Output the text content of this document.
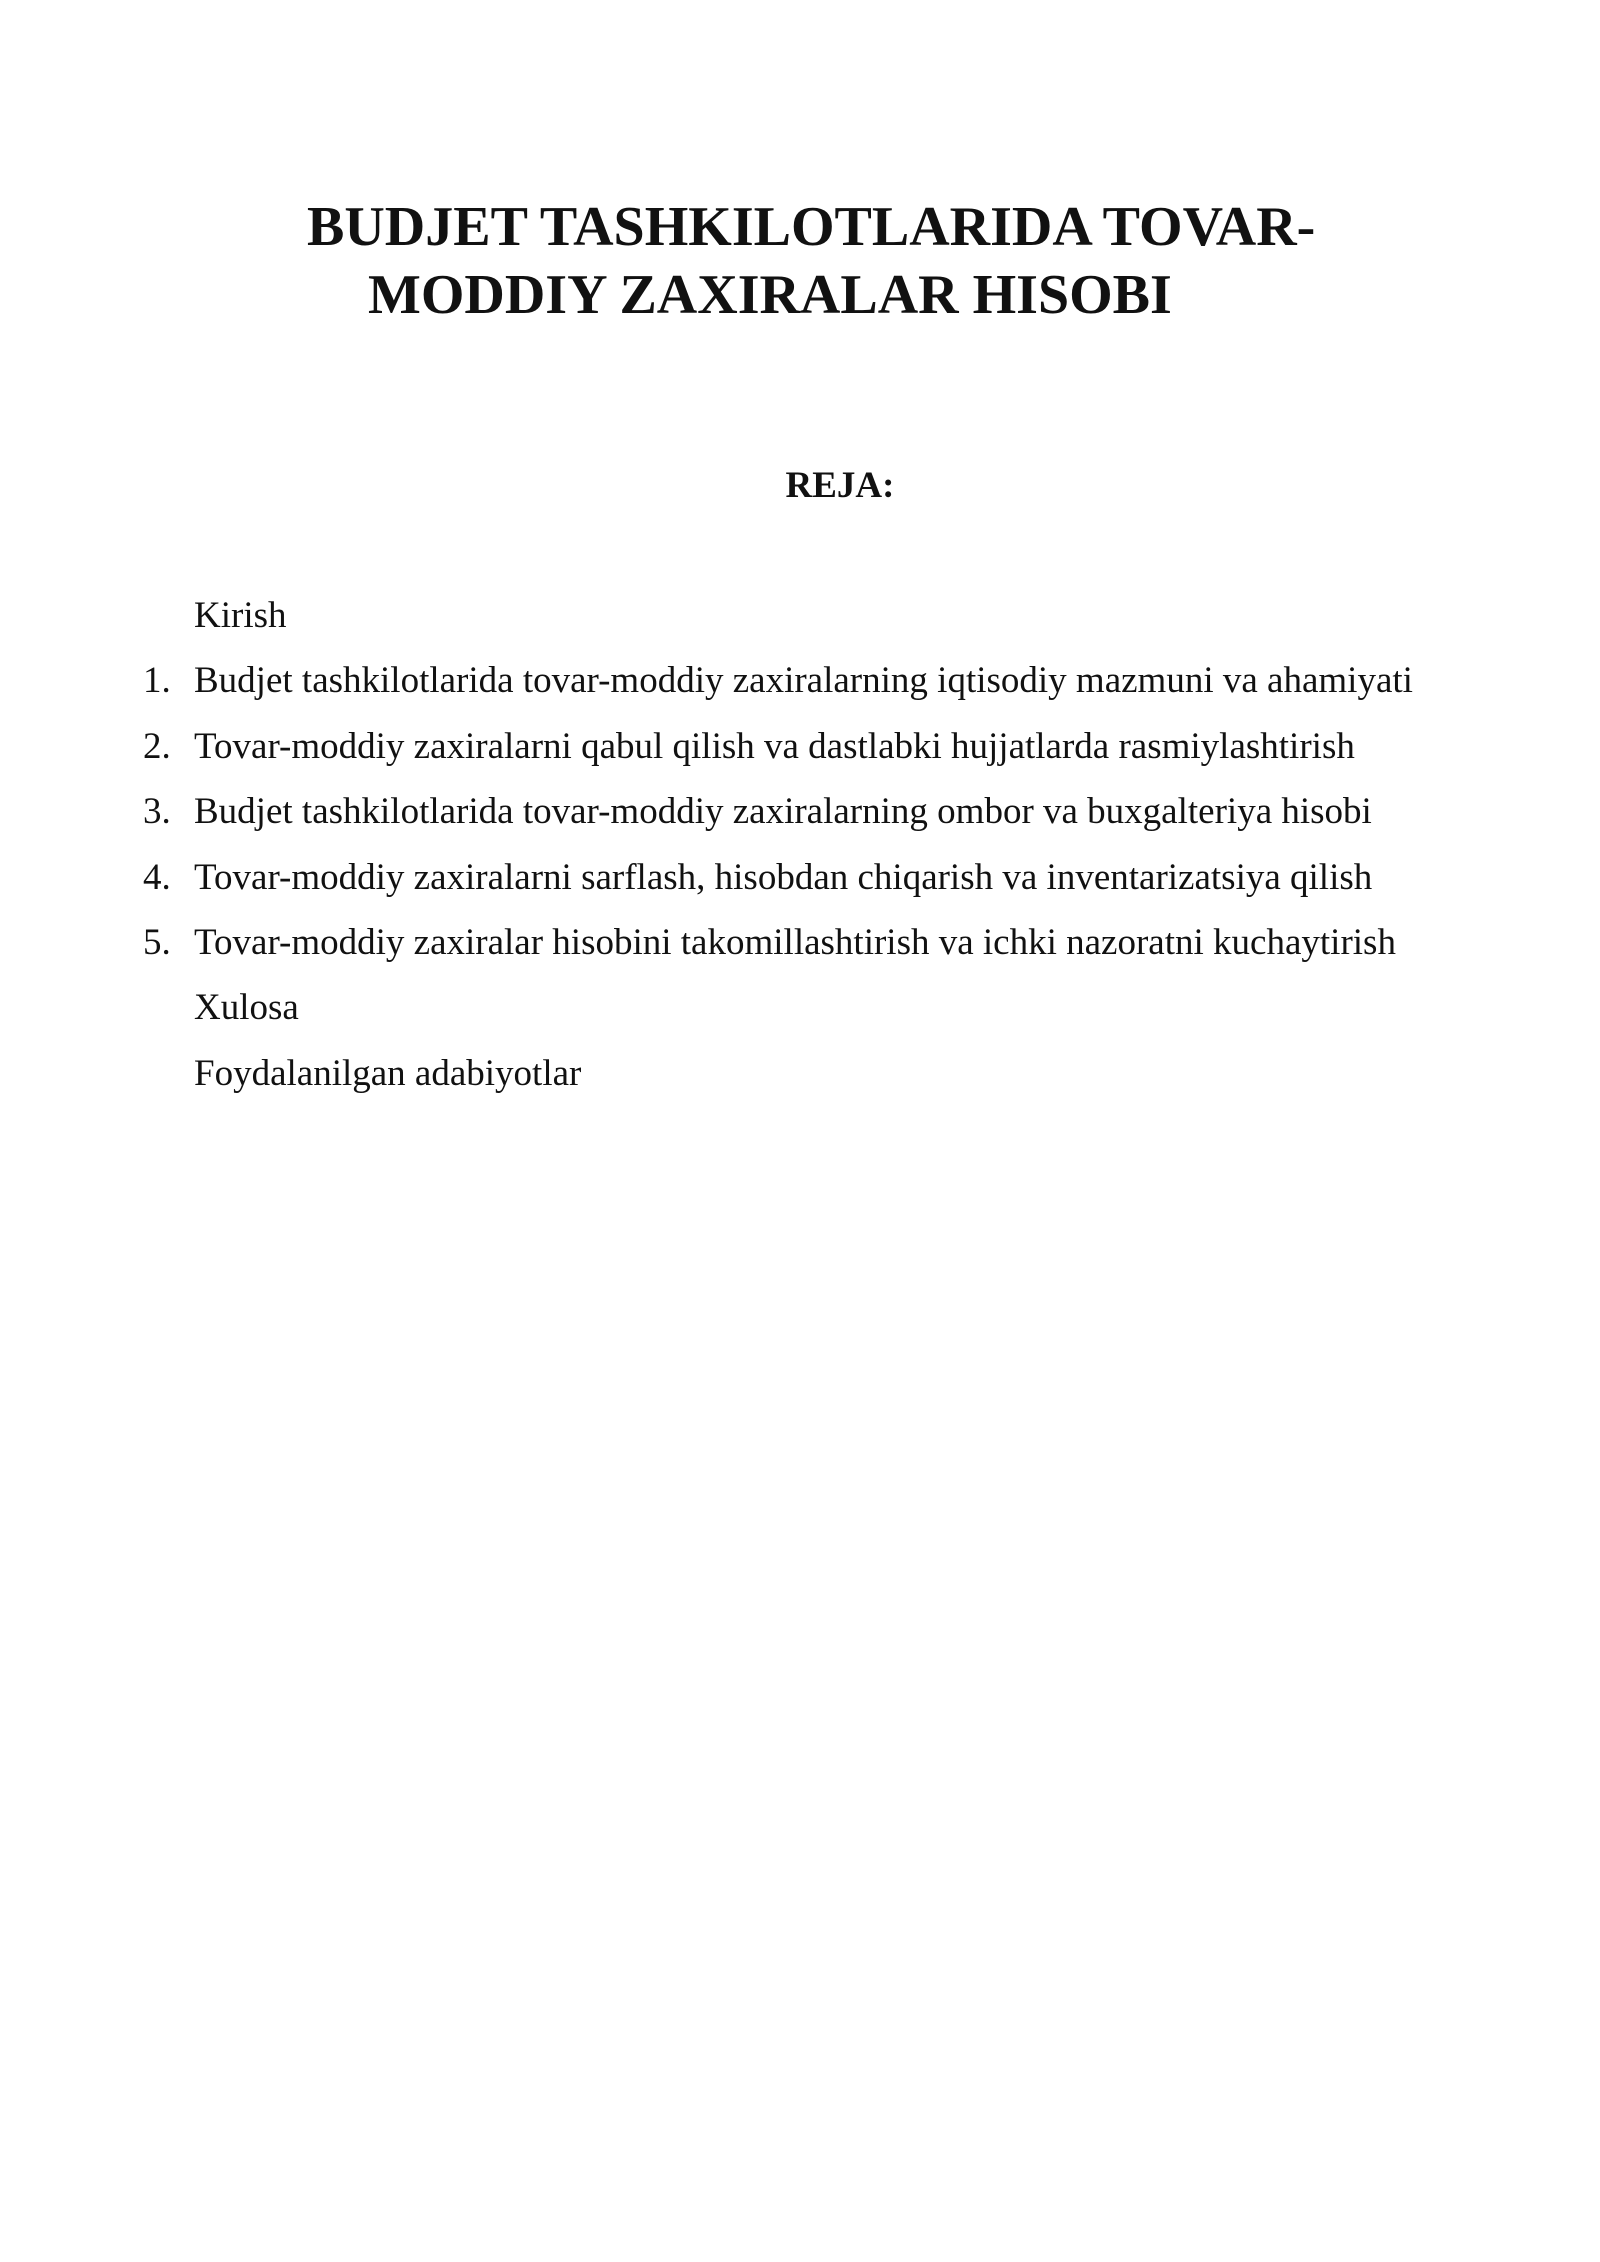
BUDJET TASHKILOTLARIDA TOVAR-
MODDIY ZAXIRALAR HISOBI
REJA:
Kirish
1. Budjet tashkilotlarida tovar-moddiy zaxiralarning iqtisodiy mazmuni va ahamiyati
2. Tovar-moddiy zaxiralarni qabul qilish va dastlabki hujjatlarda rasmiylashtirish
3. Budjet tashkilotlarida tovar-moddiy zaxiralarning ombor va buxgalteriya hisobi
4. Tovar-moddiy zaxiralarni sarflash, hisobdan chiqarish va inventarizatsiya qilish
5. Tovar-moddiy zaxiralar hisobini takomillashtirish va ichki nazoratni kuchaytirish
Xulosa
Foydalanilgan adabiyotlar
